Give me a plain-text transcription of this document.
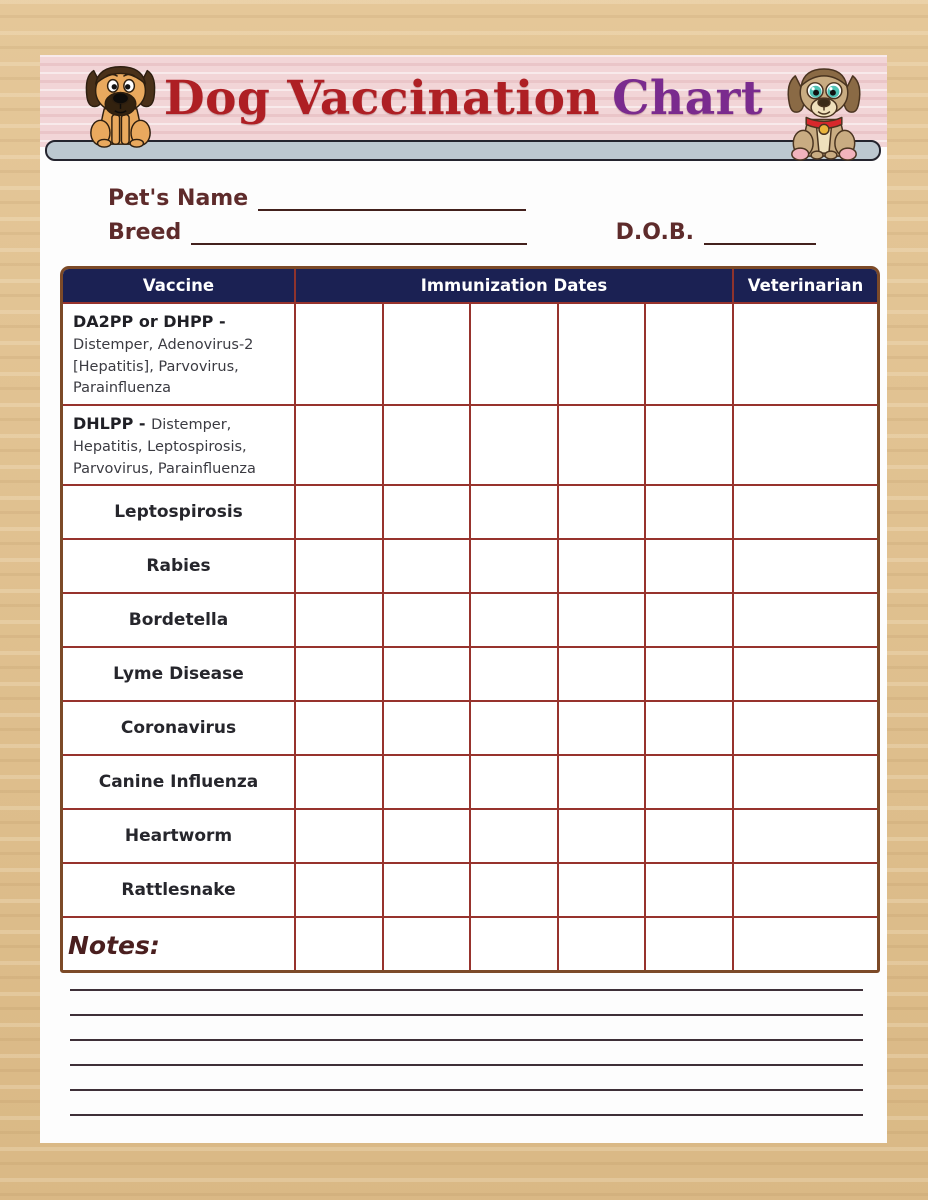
Dog Vaccination Chart
Pet's Name
Breed	D.O.B.
Vaccine	Immunization Dates	Veterinarian
DA2PP or DHPP - Distemper, Adenovirus-2 [Hepatitis], Parvovirus, Parainfluenza
DHLPP - Distemper, Hepatitis, Leptospirosis, Parvovirus, Parainfluenza
Leptospirosis
Rabies
Bordetella
Lyme Disease
Coronavirus
Canine Influenza
Heartworm
Rattlesnake
Notes:
